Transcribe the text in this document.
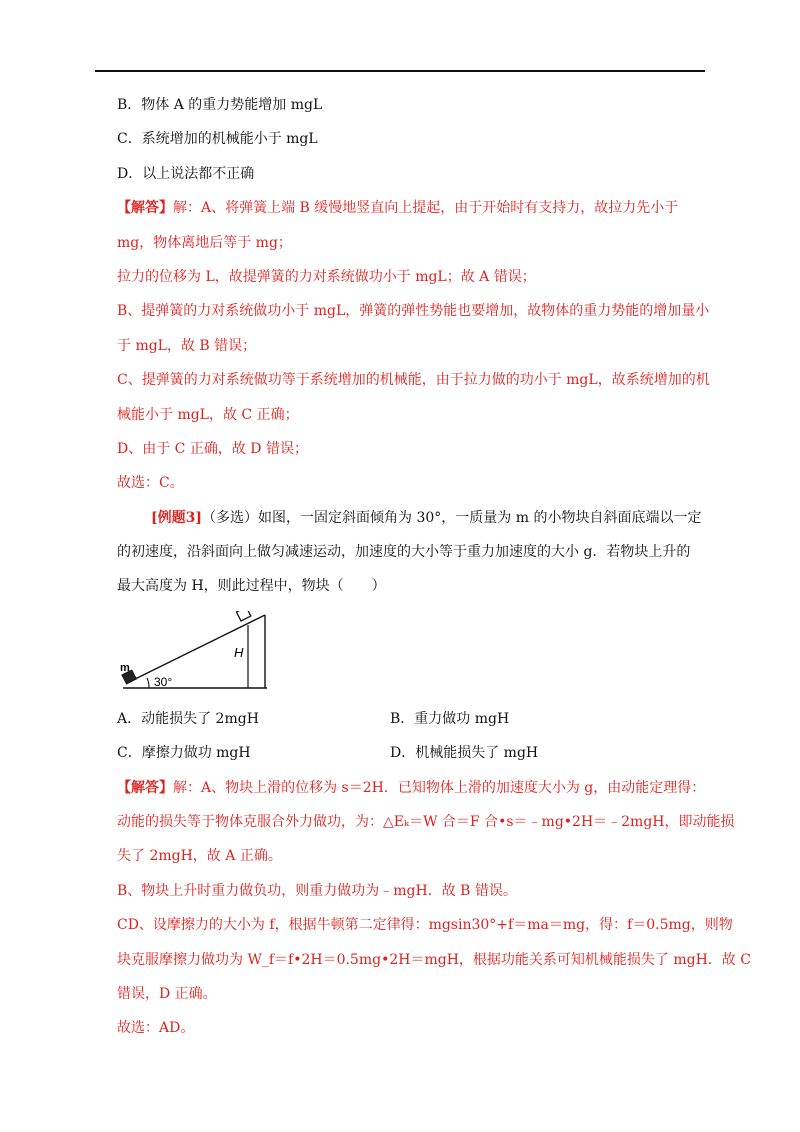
B．物体 A 的重力势能增加 mgL
C．系统增加的机械能小于 mgL
D．以上说法都不正确
【解答】解：A、将弹簧上端 B 缓慢地竖直向上提起，由于开始时有支持力，故拉力先小于
mg，物体离地后等于 mg；
拉力的位移为 L，故提弹簧的力对系统做功小于 mgL；故 A 错误；
B、提弹簧的力对系统做功小于 mgL，弹簧的弹性势能也要增加，故物体的重力势能的增加量小
于 mgL，故 B 错误；
C、提弹簧的力对系统做功等于系统增加的机械能，由于拉力做的功小于 mgL，故系统增加的机
械能小于 mgL，故 C 正确；
D、由于 C 正确，故 D 错误；
故选：C。
[例题3]（多选）如图，一固定斜面倾角为 30°，一质量为 m 的小物块自斜面底端以一定
的初速度，沿斜面向上做匀减速运动，加速度的大小等于重力加速度的大小 g．若物块上升的
最大高度为 H，则此过程中，物块（　　）
m
30°
H
A．动能损失了 2mgH	B．重力做功 mgH
C．摩擦力做功 mgH	D．机械能损失了 mgH
【解答】解：A、物块上滑的位移为 s＝2H．已知物体上滑的加速度大小为 g，由动能定理得：
动能的损失等于物体克服合外力做功，为：△Eₖ＝W 合＝F 合•s＝﹣mg•2H＝﹣2mgH，即动能损
失了 2mgH，故 A 正确。
B、物块上升时重力做负功，则重力做功为﹣mgH．故 B 错误。
CD、设摩擦力的大小为 f，根据牛顿第二定律得：mgsin30°+f＝ma＝mg，得：f＝0.5mg，则物
块克服摩擦力做功为 W_f＝f•2H＝0.5mg•2H＝mgH，根据功能关系可知机械能损失了 mgH．故 C
错误，D 正确。
故选：AD。
